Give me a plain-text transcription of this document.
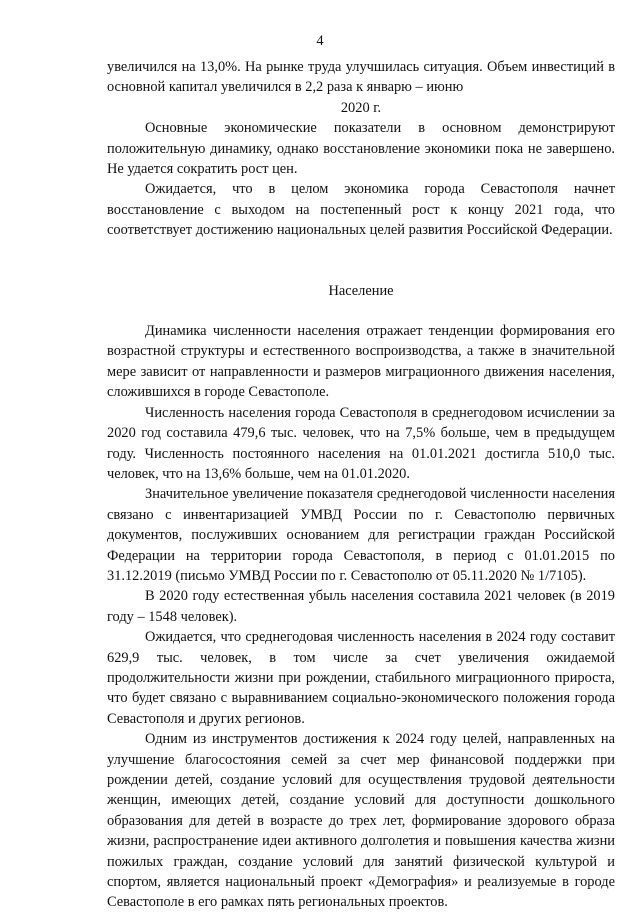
4

увеличился на 13,0%. На рынке труда улучшилась ситуация. Объем инвестиций в основной капитал увеличился в 2,2 раза к январю – июню

2020 г.

Основные экономические показатели в основном демонстрируют положительную динамику, однако восстановление экономики пока не завершено. Не удается сократить рост цен.

Ожидается, что в целом экономика города Севастополя начнет восстановление с выходом на постепенный рост к концу 2021 года, что соответствует достижению национальных целей развития Российской Федерации.

Население

Динамика численности населения отражает тенденции формирования его возрастной структуры и естественного воспроизводства, а также в значительной мере зависит от направленности и размеров миграционного движения населения, сложившихся в городе Севастополе.

Численность населения города Севастополя в среднегодовом исчислении за 2020 год составила 479,6 тыс. человек, что на 7,5% больше, чем в предыдущем году. Численность постоянного населения на 01.01.2021 достигла 510,0 тыс. человек, что на 13,6% больше, чем на 01.01.2020.

Значительное увеличение показателя среднегодовой численности населения связано с инвентаризацией УМВД России по г. Севастополю первичных документов, послуживших основанием для регистрации граждан Российской Федерации на территории города Севастополя, в период с 01.01.2015 по 31.12.2019 (письмо УМВД России по г. Севастополю от 05.11.2020 № 1/7105).

В 2020 году естественная убыль населения составила 2021 человек (в 2019 году – 1548 человек).

Ожидается, что среднегодовая численность населения в 2024 году составит 629,9 тыс. человек, в том числе за счет увеличения ожидаемой продолжительности жизни при рождении, стабильного миграционного прироста, что будет связано с выравниванием социально-экономического положения города Севастополя и других регионов.

Одним из инструментов достижения к 2024 году целей, направленных на улучшение благосостояния семей за счет мер финансовой поддержки при рождении детей, создание условий для осуществления трудовой деятельности женщин, имеющих детей, создание условий для доступности дошкольного образования для детей в возрасте до трех лет, формирование здорового образа жизни, распространение идеи активного долголетия и повышения качества жизни пожилых граждан, создание условий для занятий физической культурой и спортом, является национальный проект «Демография» и реализуемые в городе Севастополе в его рамках пять региональных проектов.
